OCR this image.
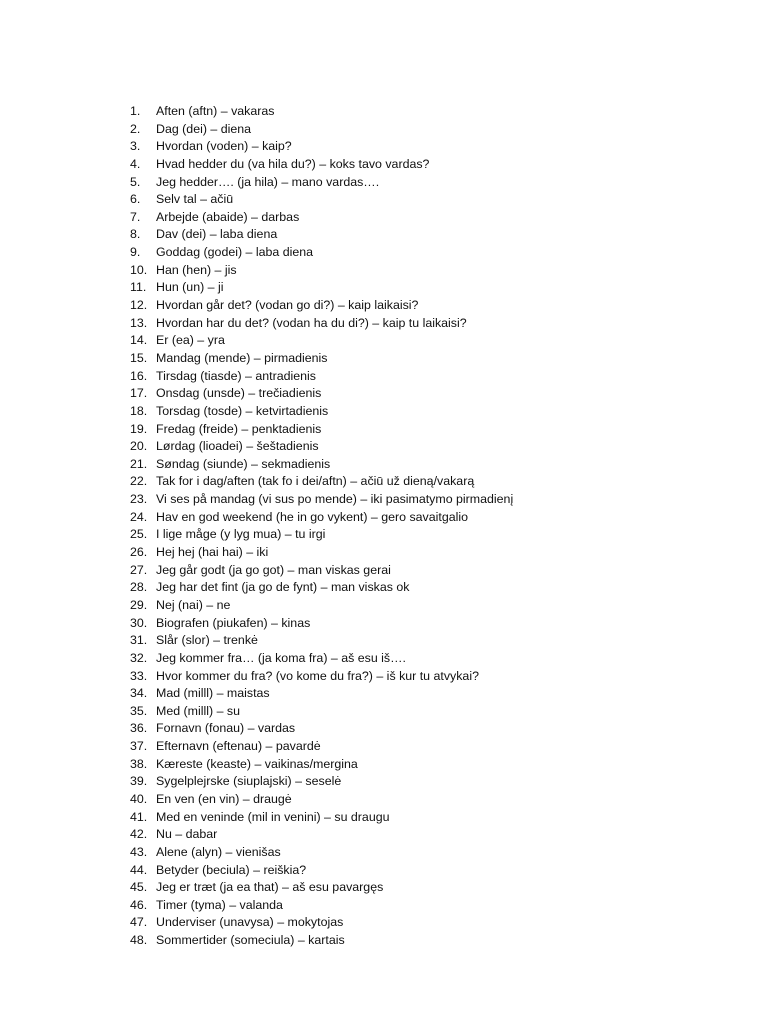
1.	Aften (aftn) – vakaras
2.	Dag (dei) – diena
3.	Hvordan (voden) – kaip?
4.	Hvad hedder du (va hila du?) – koks tavo vardas?
5.	Jeg hedder…. (ja hila) – mano vardas….
6.	Selv tal – ačiū
7.	Arbejde (abaide) – darbas
8.	Dav (dei) – laba diena
9.	Goddag (godei) – laba diena
10. Han (hen) – jis
11. Hun (un) – ji
12. Hvordan går det? (vodan go di?) – kaip laikaisi?
13. Hvordan har du det? (vodan ha du di?) – kaip tu laikaisi?
14. Er (ea) – yra
15. Mandag (mende) – pirmadienis
16. Tirsdag (tiasde) – antradienis
17. Onsdag (unsde) – trečiadienis
18. Torsdag (tosde) – ketvirtadienis
19. Fredag (freide) – penktadienis
20. Lørdag (lioadei) – šeštadienis
21. Søndag (siunde) – sekmadienis
22. Tak for i dag/aften (tak fo i dei/aftn) – ačiū už dieną/vakarą
23. Vi ses på mandag (vi sus po mende) – iki pasimatymo pirmadienį
24. Hav en god weekend (he in go vykent) – gero savaitgalio
25. I lige måge (y lyg mua) – tu irgi
26. Hej hej (hai hai) – iki
27. Jeg går godt (ja go got) – man viskas gerai
28. Jeg har det fint (ja go de fynt) – man viskas ok
29. Nej (nai) – ne
30. Biografen (piukafen) – kinas
31. Slår (slor) – trenkė
32. Jeg kommer fra… (ja koma fra) – aš esu iš….
33. Hvor kommer du fra? (vo kome du fra?) – iš kur tu atvykai?
34. Mad (milll) – maistas
35. Med (milll) – su
36. Fornavn (fonau) – vardas
37. Efternavn (eftenau) – pavardė
38. Kæreste (keaste) – vaikinas/mergina
39. Sygelplejrske (siuplajski) – seselė
40. En ven (en vin) – draugė
41. Med en veninde (mil in venini) – su draugu
42. Nu – dabar
43. Alene (alyn) – vienišas
44. Betyder (beciula) – reiškia?
45. Jeg er træt (ja ea that) – aš esu pavargęs
46. Timer (tyma) – valanda
47. Underviser (unavysa) – mokytojas
48. Sommertider (someciula) – kartais
